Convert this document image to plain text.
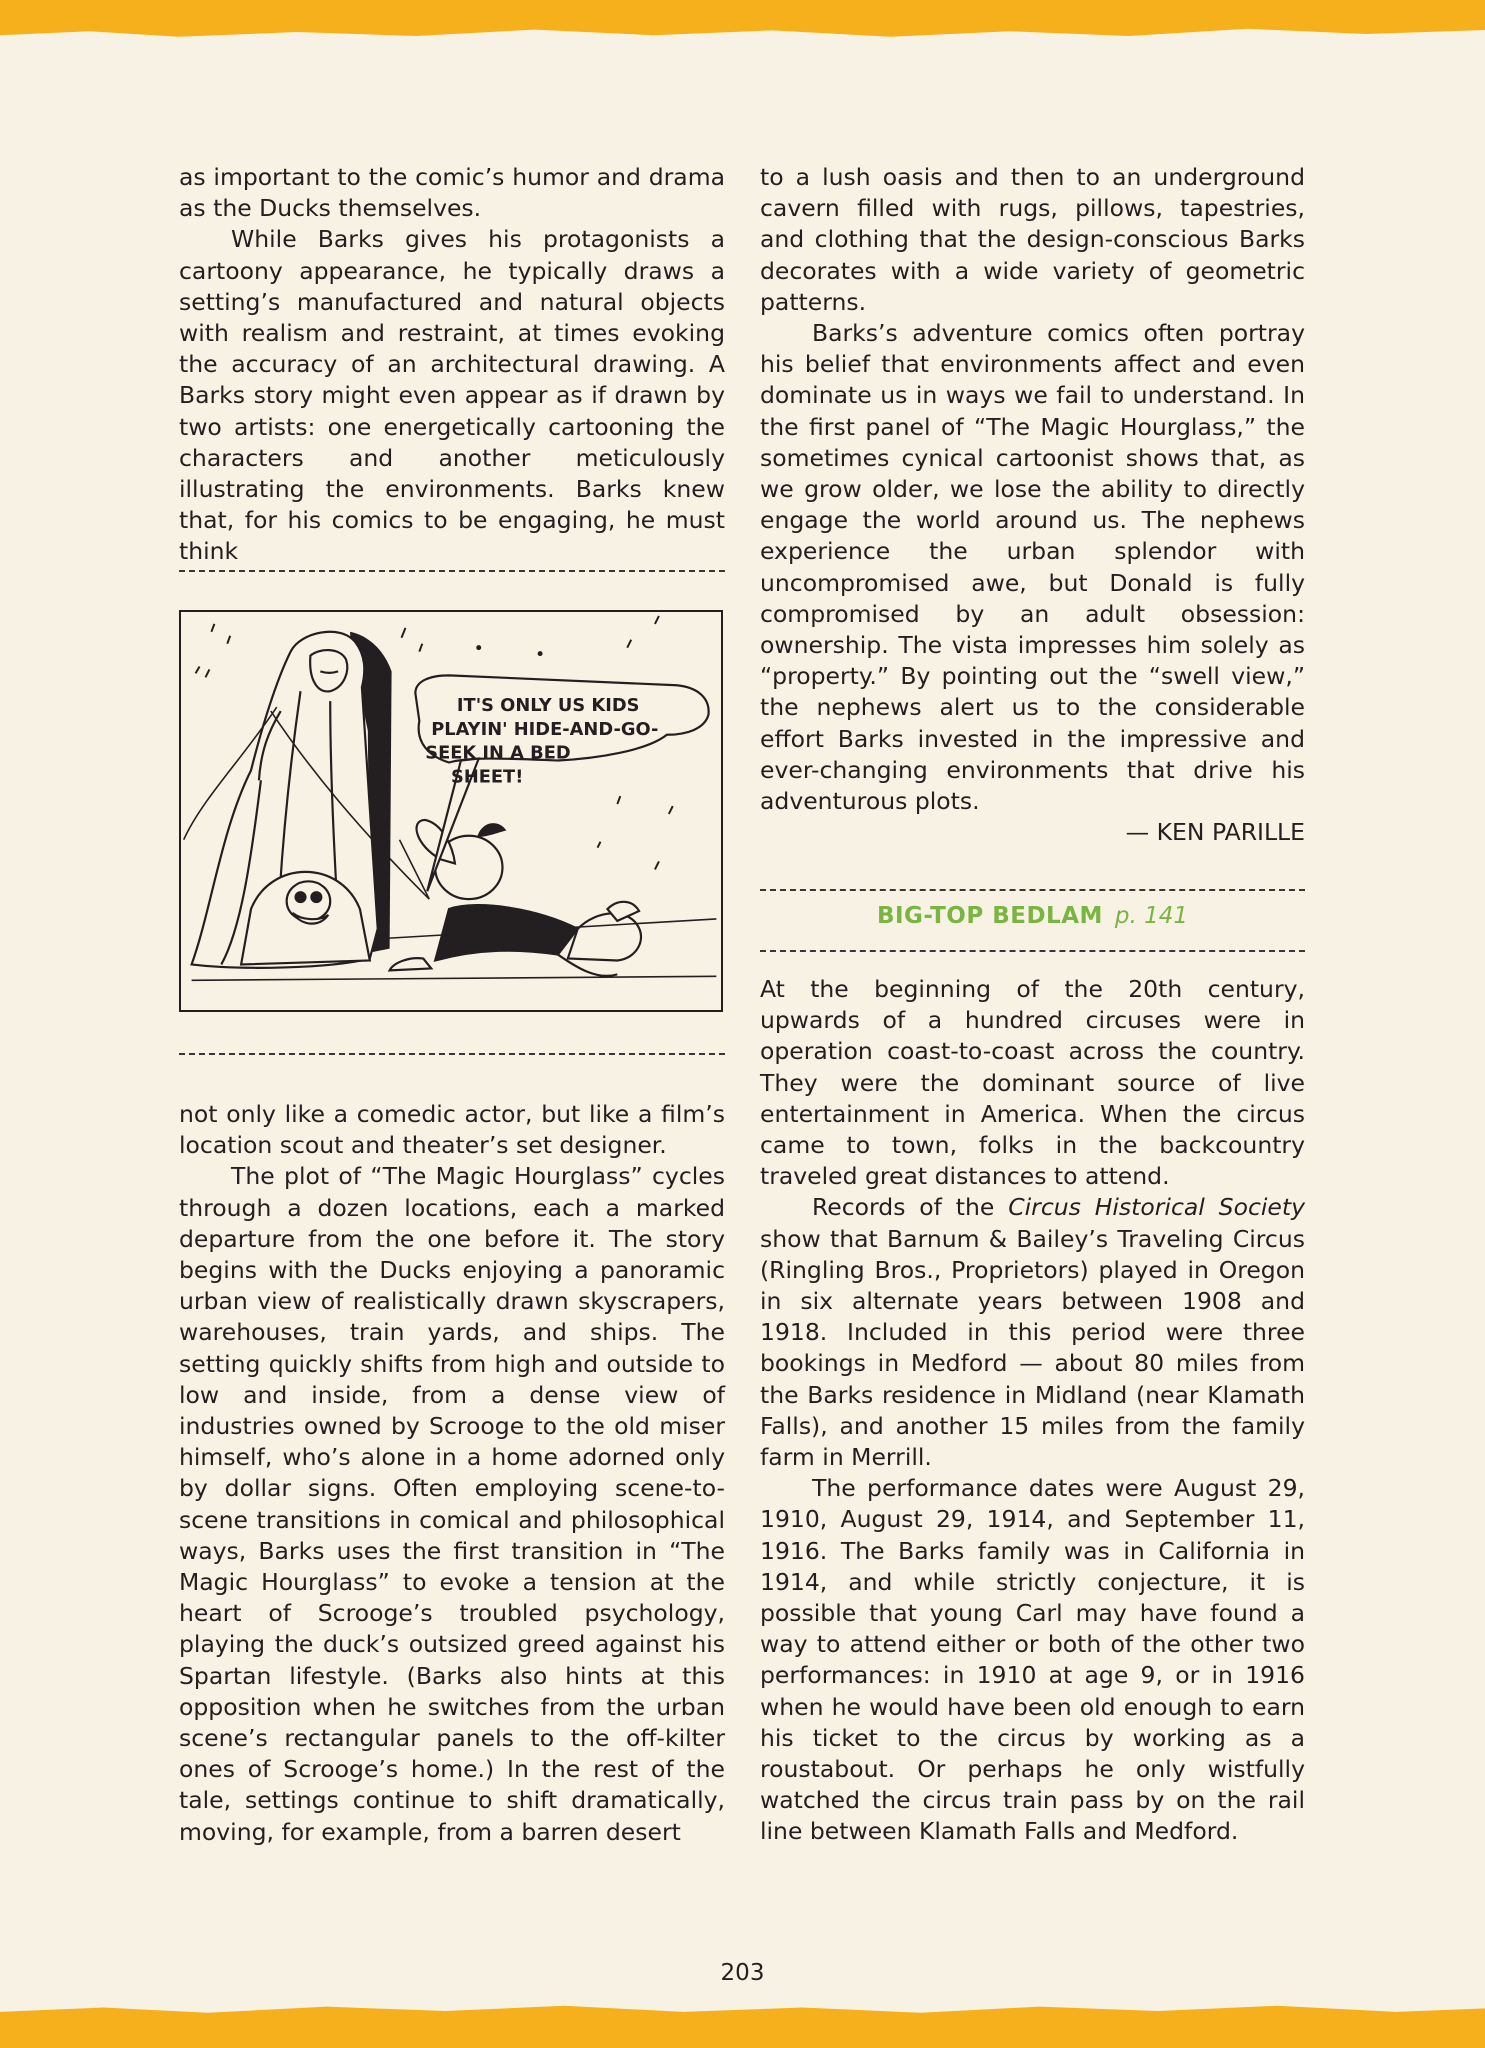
as important to the comic’s humor and drama as the Ducks themselves.

While Barks gives his protagonists a cartoony appearance, he typically draws a setting’s manufactured and natural objects with realism and restraint, at times evoking the accuracy of an architectural drawing. A Barks story might even appear as if drawn by two artists: one energetically cartooning the characters and another meticulously illustrating the environments. Barks knew that, for his comics to be engaging, he must think

IT'S ONLY US KIDS
PLAYIN' HIDE-AND-GO-
SEEK IN A BED
SHEET!

not only like a comedic actor, but like a film’s location scout and theater’s set designer.

The plot of “The Magic Hourglass” cycles through a dozen locations, each a marked departure from the one before it. The story begins with the Ducks enjoying a panoramic urban view of realistically drawn skyscrapers, warehouses, train yards, and ships. The setting quickly shifts from high and outside to low and inside, from a dense view of industries owned by Scrooge to the old miser himself, who’s alone in a home adorned only by dollar signs. Often employing scene-to-scene transitions in comical and philosophical ways, Barks uses the first transition in “The Magic Hourglass” to evoke a tension at the heart of Scrooge’s troubled psychology, playing the duck’s outsized greed against his Spartan lifestyle. (Barks also hints at this opposition when he switches from the urban scene’s rectangular panels to the off-kilter ones of Scrooge’s home.) In the rest of the tale, settings continue to shift dramatically, moving, for example, from a barren desert

to a lush oasis and then to an underground cavern filled with rugs, pillows, tapestries, and clothing that the design-conscious Barks decorates with a wide variety of geometric patterns.

Barks’s adventure comics often portray his belief that environments affect and even dominate us in ways we fail to understand. In the first panel of “The Magic Hourglass,” the sometimes cynical cartoonist shows that, as we grow older, we lose the ability to directly engage the world around us. The nephews experience the urban splendor with uncompromised awe, but Donald is fully compromised by an adult obsession: ownership. The vista impresses him solely as “property.” By pointing out the “swell view,” the nephews alert us to the considerable effort Barks invested in the impressive and ever-changing environments that drive his adventurous plots.

— KEN PARILLE

BIG-TOP BEDLAM p. 141

At the beginning of the 20th century, upwards of a hundred circuses were in operation coast-to-coast across the country. They were the dominant source of live entertainment in America. When the circus came to town, folks in the backcountry traveled great distances to attend.

Records of the Circus Historical Society show that Barnum & Bailey’s Traveling Circus (Ringling Bros., Proprietors) played in Oregon in six alternate years between 1908 and 1918. Included in this period were three bookings in Medford — about 80 miles from the Barks residence in Midland (near Klamath Falls), and another 15 miles from the family farm in Merrill.

The performance dates were August 29, 1910, August 29, 1914, and September 11, 1916. The Barks family was in California in 1914, and while strictly conjecture, it is possible that young Carl may have found a way to attend either or both of the other two performances: in 1910 at age 9, or in 1916 when he would have been old enough to earn his ticket to the circus by working as a roustabout. Or perhaps he only wistfully watched the circus train pass by on the rail line between Klamath Falls and Medford.

203
